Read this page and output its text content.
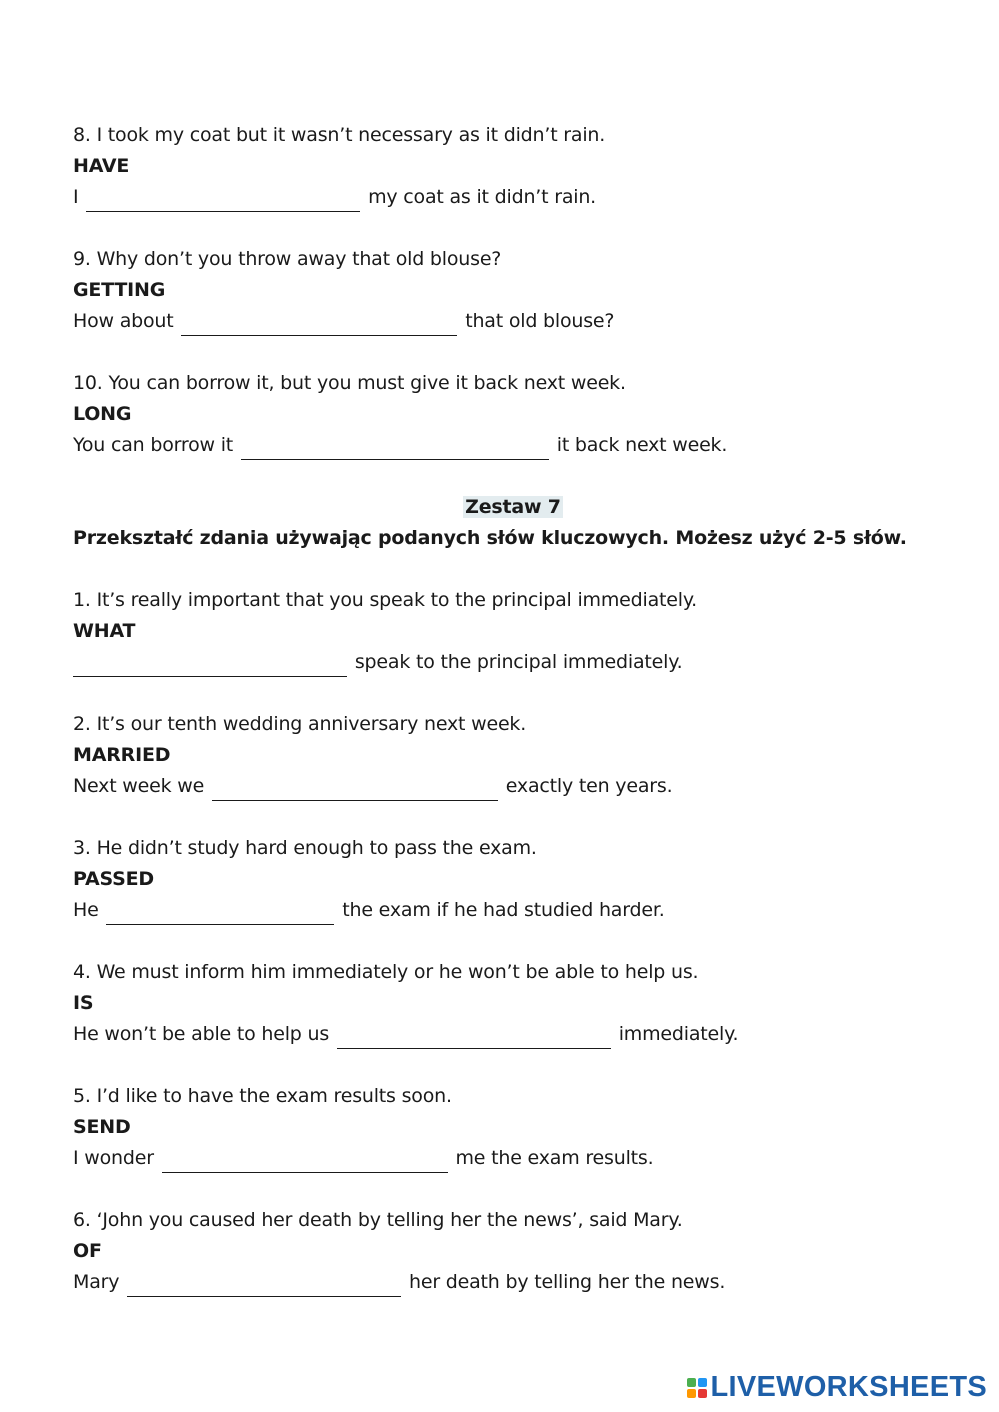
8. I took my coat but it wasn’t necessary as it didn’t rain.
HAVE
I	my coat as it didn’t rain.
9. Why don’t you throw away that old blouse?
GETTING
How about	that old blouse?
10. You can borrow it, but you must give it back next week.
LONG
You can borrow it	it back next week.
Zestaw 7
Przekształć zdania używając podanych słów kluczowych. Możesz użyć 2-5 słów.
1. It’s really important that you speak to the principal immediately.
WHAT
speak to the principal immediately.
2. It’s our tenth wedding anniversary next week.
MARRIED
Next week we	exactly ten years.
3. He didn’t study hard enough to pass the exam.
PASSED
He	the exam if he had studied harder.
4. We must inform him immediately or he won’t be able to help us.
IS
He won’t be able to help us	immediately.
5. I’d like to have the exam results soon.
SEND
I wonder	me the exam results.
6. ‘John you caused her death by telling her the news’, said Mary.
OF
Mary	her death by telling her the news.
LIVEWORKSHEETS
